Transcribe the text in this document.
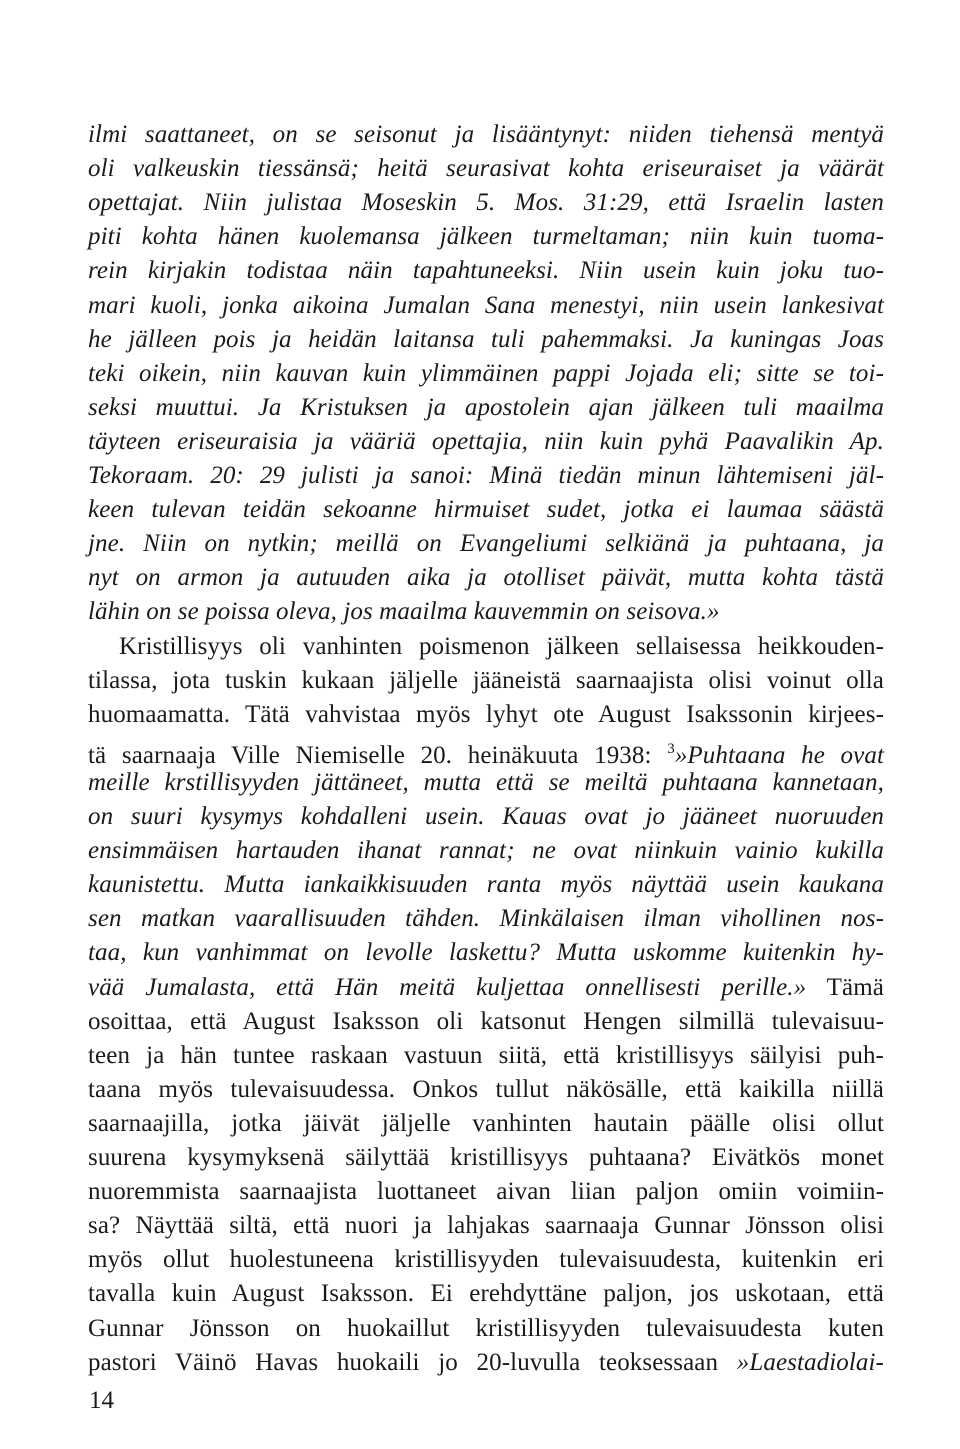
ilmi saattaneet, on se seisonut ja lisääntynyt: niiden tiehensä mentyä
oli valkeuskin tiessänsä; heitä seurasivat kohta eriseuraiset ja väärät
opettajat. Niin julistaa Moseskin 5. Mos. 31:29, että Israelin lasten
piti kohta hänen kuolemansa jälkeen turmeltaman; niin kuin tuoma-
rein kirjakin todistaa näin tapahtuneeksi. Niin usein kuin joku tuo-
mari kuoli, jonka aikoina Jumalan Sana menestyi, niin usein lankesivat
he jälleen pois ja heidän laitansa tuli pahemmaksi. Ja kuningas Joas
teki oikein, niin kauvan kuin ylimmäinen pappi Jojada eli; sitte se toi-
seksi muuttui. Ja Kristuksen ja apostolein ajan jälkeen tuli maailma
täyteen eriseuraisia ja vääriä opettajia, niin kuin pyhä Paavalikin Ap.
Tekoraam. 20: 29 julisti ja sanoi: Minä tiedän minun lähtemiseni jäl-
keen tulevan teidän sekoanne hirmuiset sudet, jotka ei laumaa säästä
jne. Niin on nytkin; meillä on Evangeliumi selkiänä ja puhtaana, ja
nyt on armon ja autuuden aika ja otolliset päivät, mutta kohta tästä
lähin on se poissa oleva, jos maailma kauvemmin on seisova.»
Kristillisyys oli vanhinten poismenon jälkeen sellaisessa heikkouden-
tilassa, jota tuskin kukaan jäljelle jääneistä saarnaajista olisi voinut olla
huomaamatta. Tätä vahvistaa myös lyhyt ote August Isakssonin kirjees-
tä saarnaaja Ville Niemiselle 20. heinäkuuta 1938: $^3$»Puhtaana he ovat
meille krstillisyyden jättäneet, mutta että se meiltä puhtaana kannetaan,
on suuri kysymys kohdalleni usein. Kauas ovat jo jääneet nuoruuden
ensimmäisen hartauden ihanat rannat; ne ovat niinkuin vainio kukilla
kaunistettu. Mutta iankaikkisuuden ranta myös näyttää usein kaukana
sen matkan vaarallisuuden tähden. Minkälaisen ilman vihollinen nos-
taa, kun vanhimmat on levolle laskettu? Mutta uskomme kuitenkin hy-
vää Jumalasta, että Hän meitä kuljettaa onnellisesti perille.» Tämä
osoittaa, että August Isaksson oli katsonut Hengen silmillä tulevaisuu-
teen ja hän tuntee raskaan vastuun siitä, että kristillisyys säilyisi puh-
taana myös tulevaisuudessa. Onkos tullut näkösälle, että kaikilla niillä
saarnaajilla, jotka jäivät jäljelle vanhinten hautain päälle olisi ollut
suurena kysymyksenä säilyttää kristillisyys puhtaana? Eivätkös monet
nuoremmista saarnaajista luottaneet aivan liian paljon omiin voimiin-
sa? Näyttää siltä, että nuori ja lahjakas saarnaaja Gunnar Jönsson olisi
myös ollut huolestuneena kristillisyyden tulevaisuudesta, kuitenkin eri
tavalla kuin August Isaksson. Ei erehdyttäne paljon, jos uskotaan, että
Gunnar Jönsson on huokaillut kristillisyyden tulevaisuudesta kuten
pastori Väinö Havas huokaili jo 20-luvulla teoksessaan »Laestadiolai-
14
